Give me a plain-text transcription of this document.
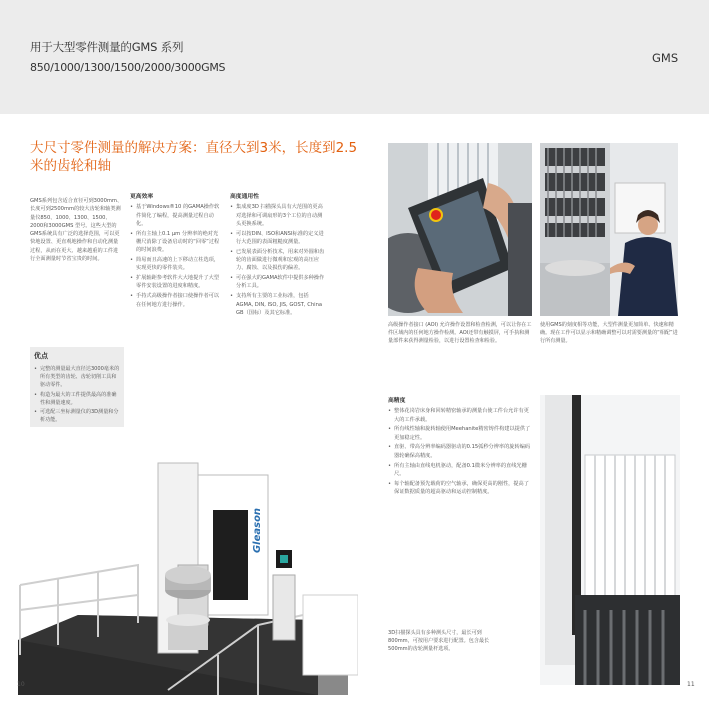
用于大型零件测量的GMS 系列
850/1000/1300/1500/2000/3000GMS
GMS
大尺寸零件测量的解决方案：直径大到3米，长度到2.5米的齿轮和轴

GMS系列包含适合直径可到3000mm、长度可到2500mm的较大齿轮和轴类测量仪850、1000、1300、1500、2000和3000GMS 型号。这些大型的GMS系统具有广泛的选择范围，可以更快地设置、更直观地操作和自动化测量过程，从而在更大、越来越重的工件进行全面测量时节省宝贵的时间。

更高效率
• 基于Windows®10 的GAMA操作软件简化了编程，提高测量过程自动化。
• 所有主轴上0.1 µm 分辨率的绝对光栅尺消除了设备启动时的“回零”过程的时间浪费。
• 简易而且高速的上下移动立柱选项，实现更快的零件装夹。
• 扩展轴距参考软件大大地提升了大型零件安装设置的进度和精度。
• 手持式高级操作者接口使操作者可以在任何地方进行操作。
高度通用性
• 集成度3D 扫描探头具有大范围的更高对选择和可调扇形的3个工位的自动测头更换系统。
• 可以按DIN、ISO和ANSI标准的定义进行大范围的表面粗糙度测量。
• 已发展表面分析技术，用来对外圆和齿轮的齿面做进行微观和宏观的高压应力、腐蚀、以及损伤的偏差。
• 可在强大的GAMA软件中提供多种操作分析工具。
• 支持所有主要的工业标准，包括AGMA, DIN, ISO, JIS, GOST, China GB（国标）及其它标准。
优点
• 完整的测量最大直径达3000毫米的所有类型的齿轮、齿轮切削工具和驱动零件。
• 构造为最大的工件提供最高的准确性和测量速度。
• 可选配三坐标测量仪的3D测量和分析功能。
Gleason
高级操作者接口 (AOI) 允许操作设置和检查检测，可以让你在工件区域内的任何地方操作检测。AOI还带有触摸屏，可手执和测量部件来获得测量检验，以进行设置检查和检验。
使用GMS的刻度相等功能，大型件测量更加简单、快速和精确。现在工作可以显示和精确调整可以对需要测量的“相配”进行所有测量。
高精度
• 整体花岗岩床身和回转精密轴承的测量台使工件台允许有更大的工件承载。
• 所有线性轴和旋转轴使用Meehanite精密铸件构建以提供了更加稳定性。
• 直驱、带高分辨率编码器驱动的0.15弧秒分辨率的旋转编码器轮确保高精度。
• 所有主轴由直线电机驱动，配备0.1微米分辨率的直线光栅尺。
• 每个轴配备预先载荷的空气轴承，确保更高的刚性，提高了保证数据质量的超高驱动和运动控制精度。
3D扫描探头具有多种测头尺寸，最长可到800mm，可按用户要求进行配置。包含最长500mm的齿轮测量杆选项。
10	11
